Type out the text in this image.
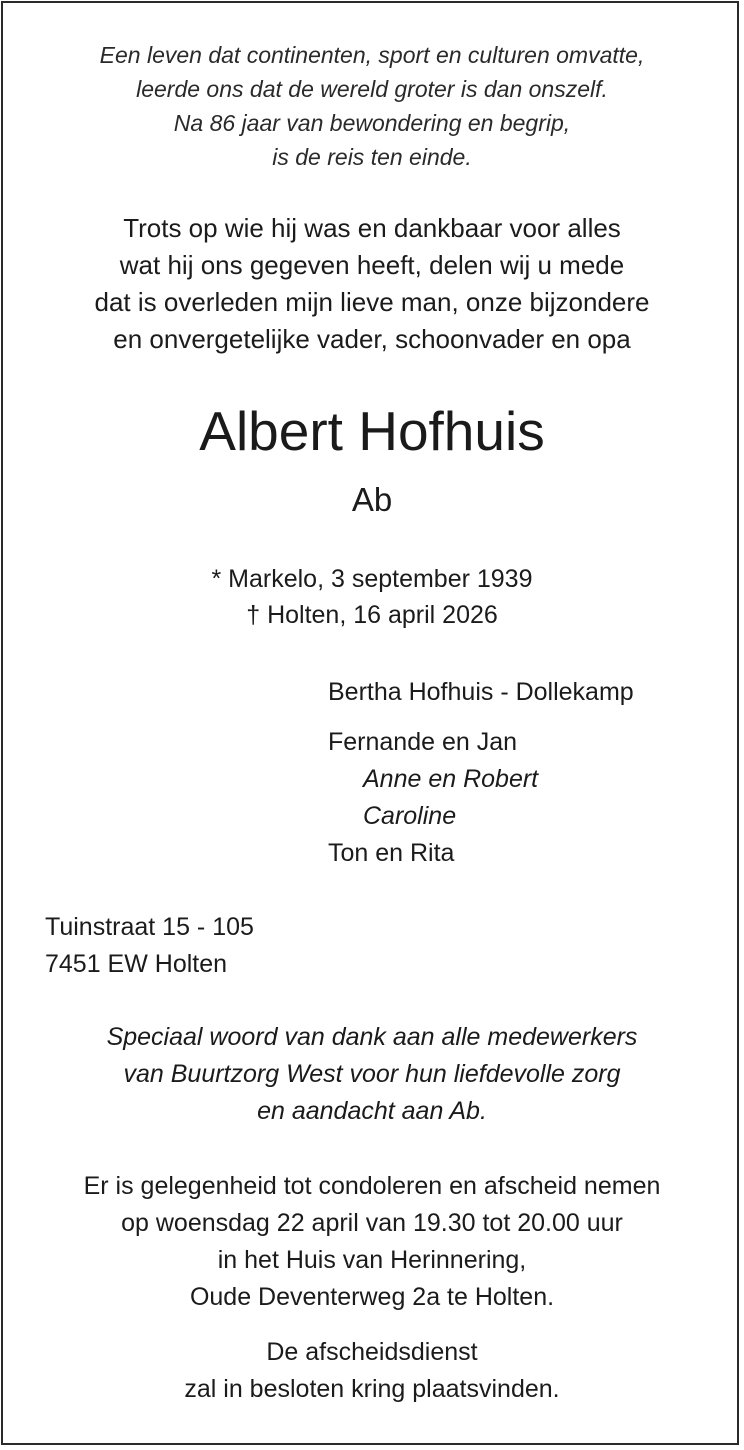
Een leven dat continenten, sport en culturen omvatte,
leerde ons dat de wereld groter is dan onszelf.
Na 86 jaar van bewondering en begrip,
is de reis ten einde.
Trots op wie hij was en dankbaar voor alles
wat hij ons gegeven heeft, delen wij u mede
dat is overleden mijn lieve man, onze bijzondere
en onvergetelijke vader, schoonvader en opa
Albert Hofhuis
Ab
* Markelo, 3 september 1939
† Holten, 16 april 2026
Bertha Hofhuis - Dollekamp
Fernande en Jan
Anne en Robert
Caroline
Ton en Rita
Tuinstraat 15 - 105
7451 EW Holten
Speciaal woord van dank aan alle medewerkers
van Buurtzorg West voor hun liefdevolle zorg
en aandacht aan Ab.
Er is gelegenheid tot condoleren en afscheid nemen
op woensdag 22 april van 19.30 tot 20.00 uur
in het Huis van Herinnering,
Oude Deventerweg 2a te Holten.
De afscheidsdienst
zal in besloten kring plaatsvinden.
